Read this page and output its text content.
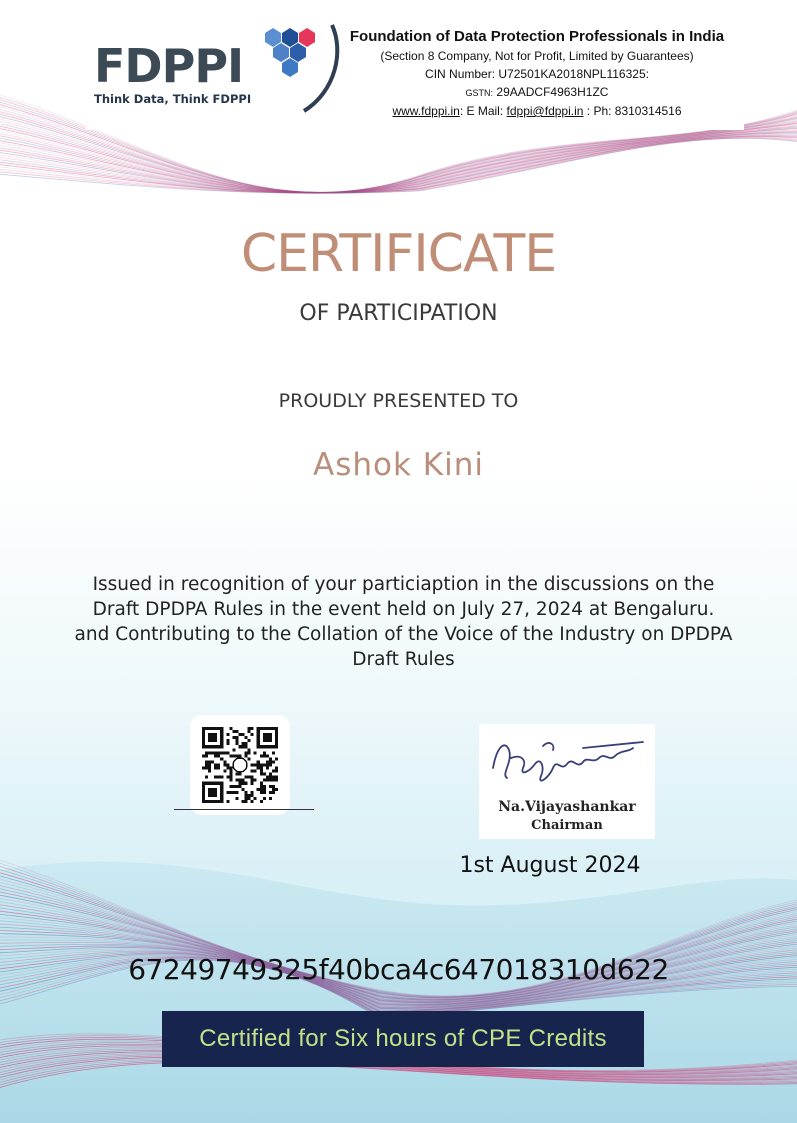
FDPPI
Think Data, Think FDPPI
Foundation of Data Protection Professionals in India
(Section 8 Company, Not for Profit, Limited by Guarantees)
CIN Number: U72501KA2018NPL116325:
GSTN: 29AADCF4963H1ZC
www.fdppi.in: E Mail: fdppi@fdppi.in : Ph: 8310314516
CERTIFICATE
OF PARTICIPATION
PROUDLY PRESENTED TO
Ashok Kini
Issued in recognition of your particiaption in the discussions on the
Draft DPDPA Rules in the event held on July 27, 2024 at Bengaluru.
and Contributing to the Collation of the Voice of the Industry on DPDPA
Draft Rules
Na.Vijayashankar
Chairman
1st August 2024
67249749325f40bca4c647018310d622
Certified for Six hours of CPE Credits
